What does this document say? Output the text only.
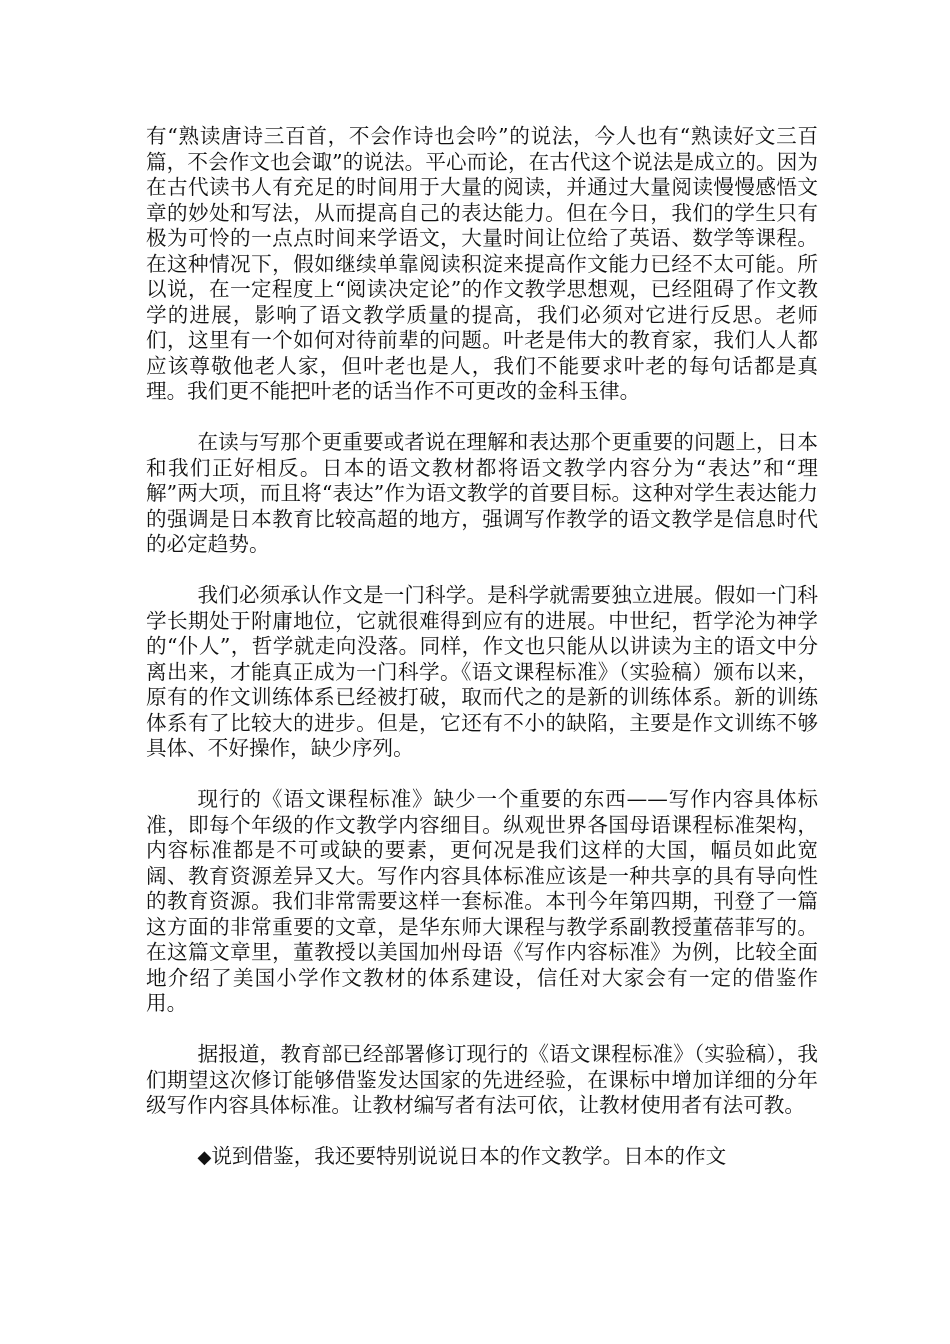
有“熟读唐诗三百首，不会作诗也会吟”的说法，今人也有“熟读好文三百篇，不会作文也会诹”的说法。平心而论，在古代这个说法是成立的。因为在古代读书人有充足的时间用于大量的阅读，并通过大量阅读慢慢感悟文章的妙处和写法，从而提高自己的表达能力。但在今日，我们的学生只有极为可怜的一点点时间来学语文，大量时间让位给了英语、数学等课程。在这种情况下，假如继续单靠阅读积淀来提高作文能力已经不太可能。所以说，在一定程度上“阅读决定论”的作文教学思想观，已经阻碍了作文教学的进展，影响了语文教学质量的提高，我们必须对它进行反思。老师们，这里有一个如何对待前辈的问题。叶老是伟大的教育家，我们人人都应该尊敬他老人家，但叶老也是人，我们不能要求叶老的每句话都是真理。我们更不能把叶老的话当作不可更改的金科玉律。

在读与写那个更重要或者说在理解和表达那个更重要的问题上，日本和我们正好相反。日本的语文教材都将语文教学内容分为“表达”和“理解”两大项，而且将“表达”作为语文教学的首要目标。这种对学生表达能力的强调是日本教育比较高超的地方，强调写作教学的语文教学是信息时代的必定趋势。

我们必须承认作文是一门科学。是科学就需要独立进展。假如一门科学长期处于附庸地位，它就很难得到应有的进展。中世纪，哲学沦为神学的“仆人”，哲学就走向没落。同样，作文也只能从以讲读为主的语文中分离出来，才能真正成为一门科学。《语文课程标准》（实验稿）颁布以来，原有的作文训练体系已经被打破，取而代之的是新的训练体系。新的训练体系有了比较大的进步。但是，它还有不小的缺陷，主要是作文训练不够具体、不好操作，缺少序列。

现行的《语文课程标准》缺少一个重要的东西——写作内容具体标准，即每个年级的作文教学内容细目。纵观世界各国母语课程标准架构，内容标准都是不可或缺的要素，更何况是我们这样的大国，幅员如此宽阔、教育资源差异又大。写作内容具体标准应该是一种共享的具有导向性的教育资源。我们非常需要这样一套标准。本刊今年第四期，刊登了一篇这方面的非常重要的文章，是华东师大课程与教学系副教授董蓓菲写的。在这篇文章里，董教授以美国加州母语《写作内容标准》为例，比较全面地介绍了美国小学作文教材的体系建设，信任对大家会有一定的借鉴作用。

据报道，教育部已经部署修订现行的《语文课程标准》（实验稿），我们期望这次修订能够借鉴发达国家的先进经验，在课标中增加详细的分年级写作内容具体标准。让教材编写者有法可依，让教材使用者有法可教。

◆说到借鉴，我还要特别说说日本的作文教学。日本的作文
